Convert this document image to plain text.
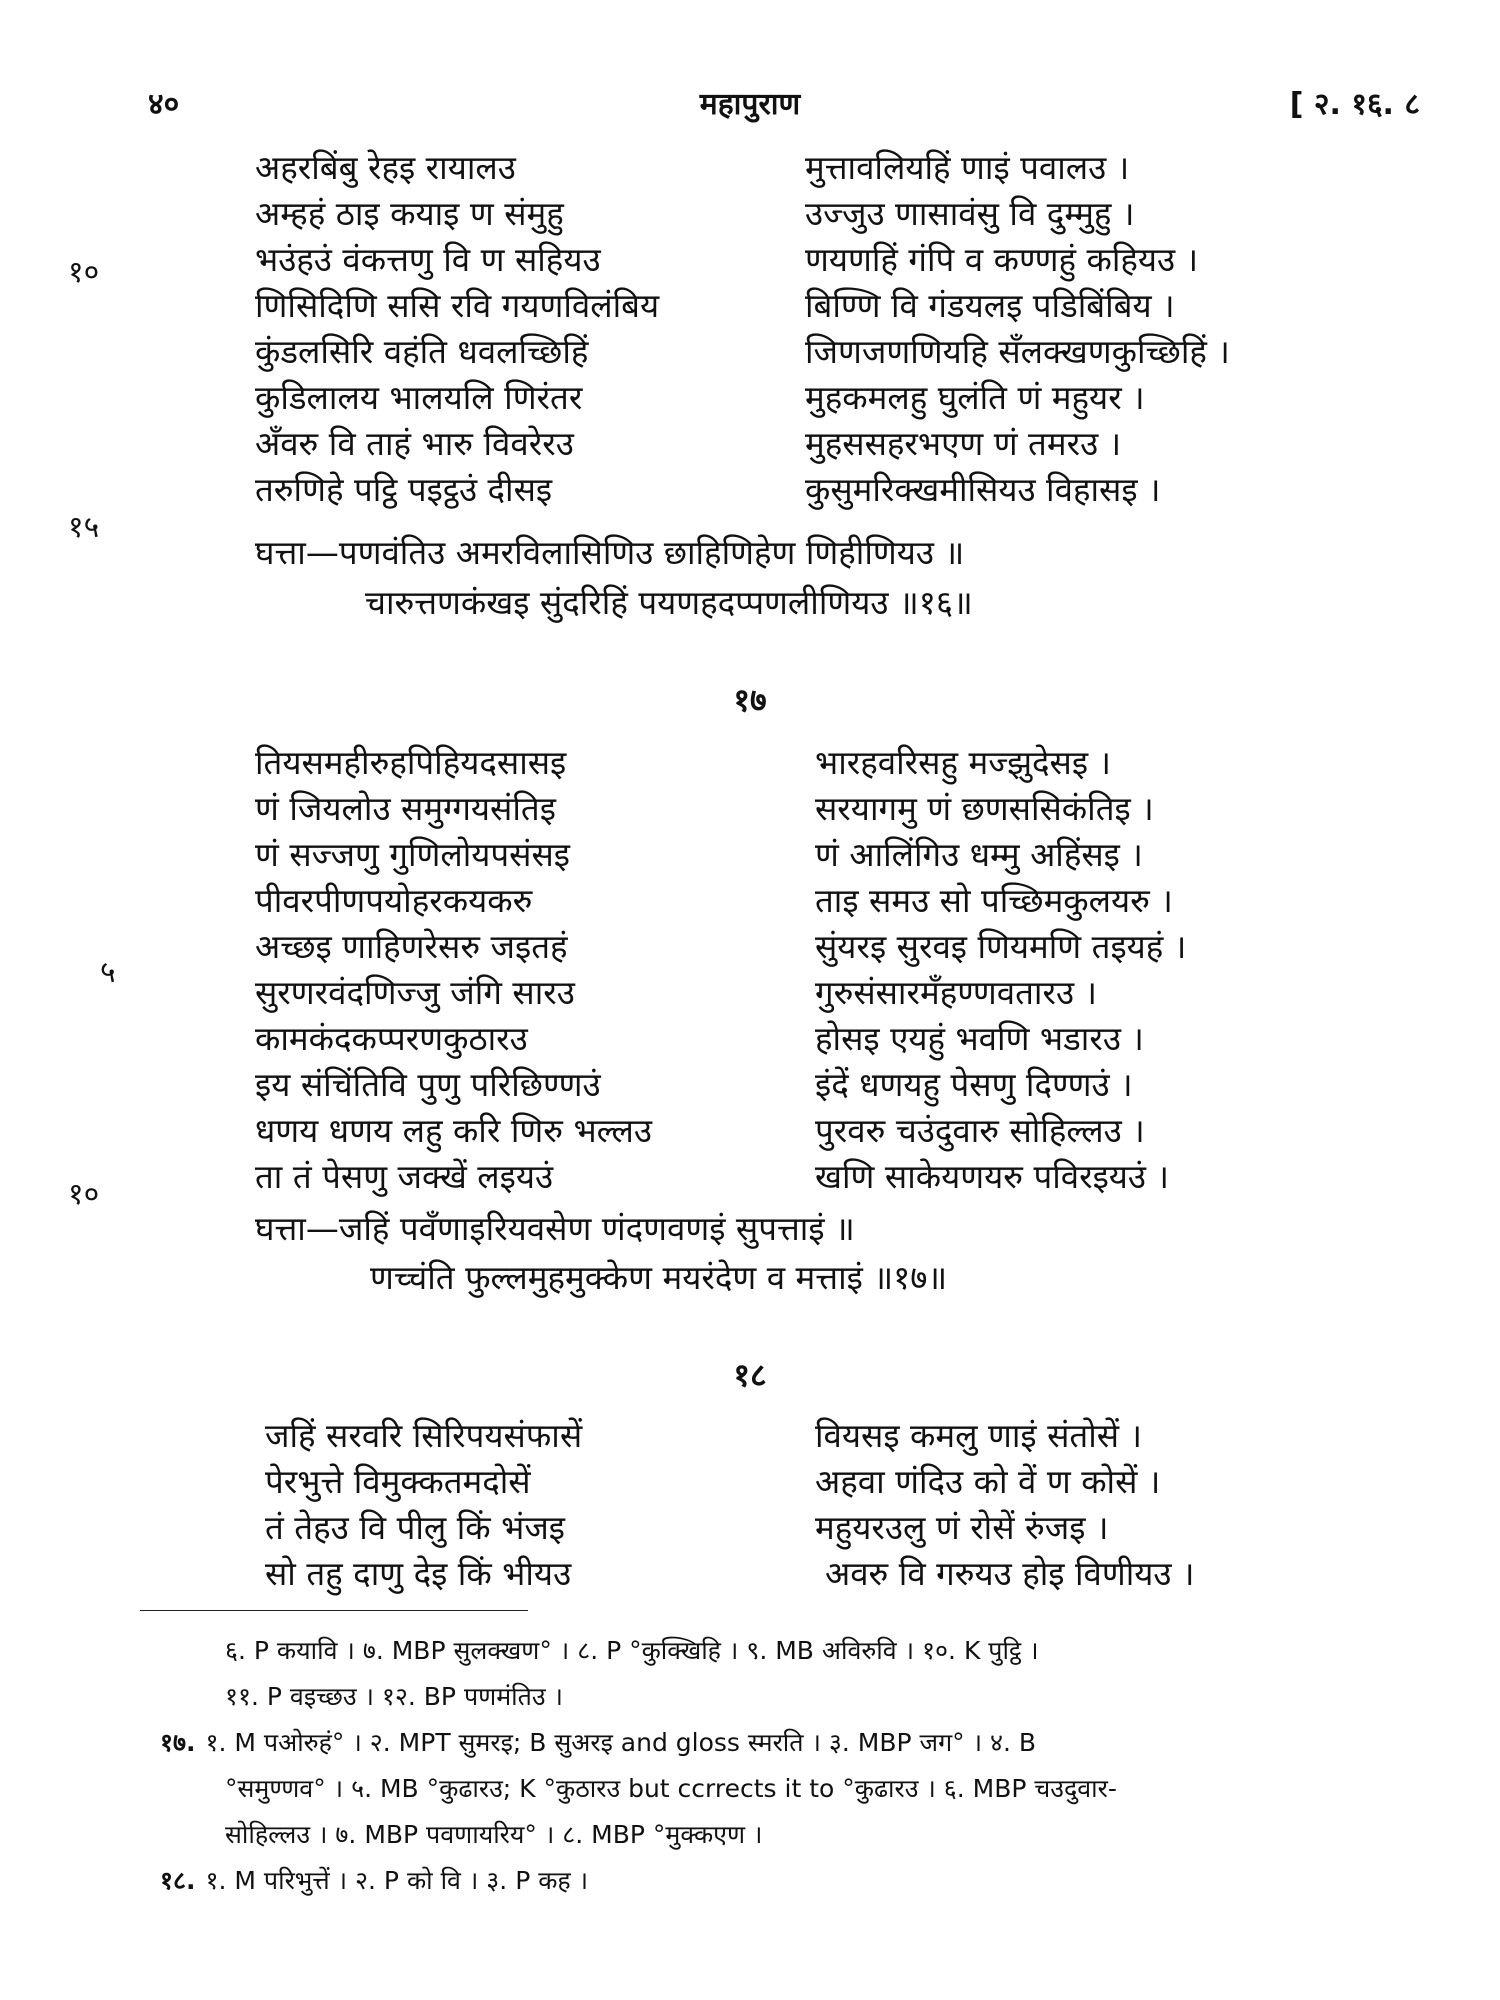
४०	महापुराण	[ २. १६. ८
अहरबिंबु रेहइ रायालउ	मुत्तावलियहिं णाइं पवालउ ।
अम्हहं ठाइ कयाइ ण संमुहु	उज्जुउ णासावंसु वि दुम्मुहु ।
भउंहउं वंकत्तणु वि ण सहियउ	णयणहिं गंपि व कण्णहुं कहियउ ।
णिसिदिणि ससि रवि गयणविलंबिय	बिण्णि वि गंडयलइ पडिबिंबिय ।
कुंडलसिरि वहंति धवलच्छिहिं	जिणजणणियहि सँलक्खणकुच्छिहिं ।
कुडिलालय भालयलि णिरंतर	मुहकमलहु घुलंति णं महुयर ।
अँवरु वि ताहं भारु विवरेरउ	मुहससहरभएण णं तमरउ ।
तरुणिहे पट्ठि पइट्ठउं दीसइ	कुसुमरिक्खमीसियउ विहासइ ।
१०
१५
घत्ता—पणवंतिउ अमरविलासिणिउ छाहिणिहेण णिहीणियउ ॥
चारुत्तणकंखइ सुंदरिहिं पयणहदप्पणलीणियउ ॥१६॥
१७
तियसमहीरुहपिहियदसासइ	भारहवरिसहु मज्झुदेसइ ।
णं जियलोउ समुग्गयसंतिइ	सरयागमु णं छणससिकंतिइ ।
णं सज्जणु गुणिलोयपसंसइ	णं आलिंगिउ धम्मु अहिंसइ ।
पीवरपीणपयोहरकयकरु	ताइ समउ सो पच्छिमकुलयरु ।
अच्छइ णाहिणरेसरु जइतहं	सुंयरइ सुरवइ णियमणि तइयहं ।
सुरणरवंदणिज्जु जंगि सारउ	गुरुसंसारमँहण्णवतारउ ।
कामकंदकप्परणकुठारउ	होसइ एयहुं भवणि भडारउ ।
इय संचिंतिवि पुणु परिछिण्णउं	इंदें धणयहु पेसणु दिण्णउं ।
धणय धणय लहु करि णिरु भल्लउ	पुरवरु चउंदुवारु सोहिल्लउ ।
ता तं पेसणु जक्खें लइयउं	खणि साकेयणयरु पविरइयउं ।
५
१०
घत्ता—जहिं पवँणाइरियवसेण णंदणवणइं सुपत्ताइं ॥
णच्चंति फुल्लमुहमुक्केण मयरंदेण व मत्ताइं ॥१७॥
१८
जहिं सरवरि सिरिपयसंफासें	वियसइ कमलु णाइं संतोसें ।
पेरभुत्ते विमुक्कतमदोसें	अहवा णंदिउ को वें ण कोसें ।
तं तेहउ वि पीलु किं भंजइ	महुयरउलु णं रोसें रुंजइ ।
सो तहु दाणु देइ किं भीयउ	अवरु वि गरुयउ होइ विणीयउ ।
६. P कयावि । ७. MBP सुलक्खण° । ८. P °कुक्खिहि । ९. MB अविरुवि । १०. K पुट्ठि ।
११. P वइच्छउ । १२. BP पणमंतिउ ।
१७. १. M पओरुहं° । २. MPT सुमरइ; B सुअरइ and gloss स्मरति । ३. MBP जग° । ४. B
°समुण्णव° । ५. MB °कुढारउ; K °कुठारउ but ccrrects it to °कुढारउ । ६. MBP चउदुवार-
सोहिल्लउ । ७. MBP पवणायरिय° । ८. MBP °मुक्कएण ।
१८. १. M परिभुत्तें । २. P को वि । ३. P कह ।
